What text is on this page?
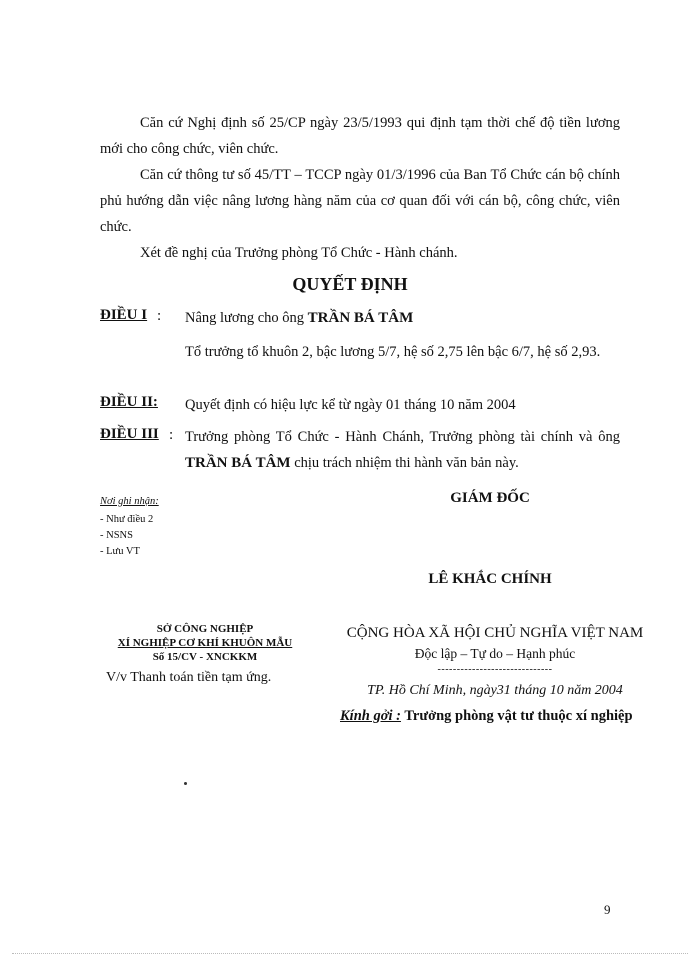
Căn cứ Nghị định số 25/CP ngày 23/5/1993 qui định tạm thời chế độ tiền lương mới cho công chức, viên chức.
Căn cứ thông tư số 45/TT – TCCP ngày 01/3/1996 của Ban Tổ Chức cán bộ chính phủ hướng dẫn việc nâng lương hàng năm của cơ quan đối với cán bộ, công chức, viên chức.
Xét đề nghị của Trưởng phòng Tổ Chức - Hành chánh.
QUYẾT ĐỊNH
ĐIỀU I : Nâng lương cho ông TRẦN BÁ TÂM
Tổ trưởng tổ khuôn 2, bậc lương 5/7, hệ số 2,75 lên bậc 6/7, hệ số 2,93.
ĐIỀU II: Quyết định có hiệu lực kể từ ngày 01 tháng 10 năm 2004
ĐIỀU III : Trưởng phòng Tổ Chức - Hành Chánh, Trưởng phòng tài chính và ông TRẦN BÁ TÂM chịu trách nhiệm thi hành văn bản này.
Nơi ghi nhận:
- Như điều 2
- NSNS
- Lưu VT
GIÁM ĐỐC
LÊ KHẮC CHÍNH
SỞ CÔNG NGHIỆP
XÍ NGHIỆP CƠ KHÍ KHUÔN MẪU
Số 15/CV - XNCKKM
V/v Thanh toán tiền tạm ứng.
CỘNG HÒA XÃ HỘI CHỦ NGHĨA VIỆT NAM
Độc lập – Tự do – Hạnh phúc
------------------------------
TP. Hồ Chí Minh, ngày31 tháng 10 năm 2004
Kính gởi : Trưởng phòng vật tư thuộc xí nghiệp
9
